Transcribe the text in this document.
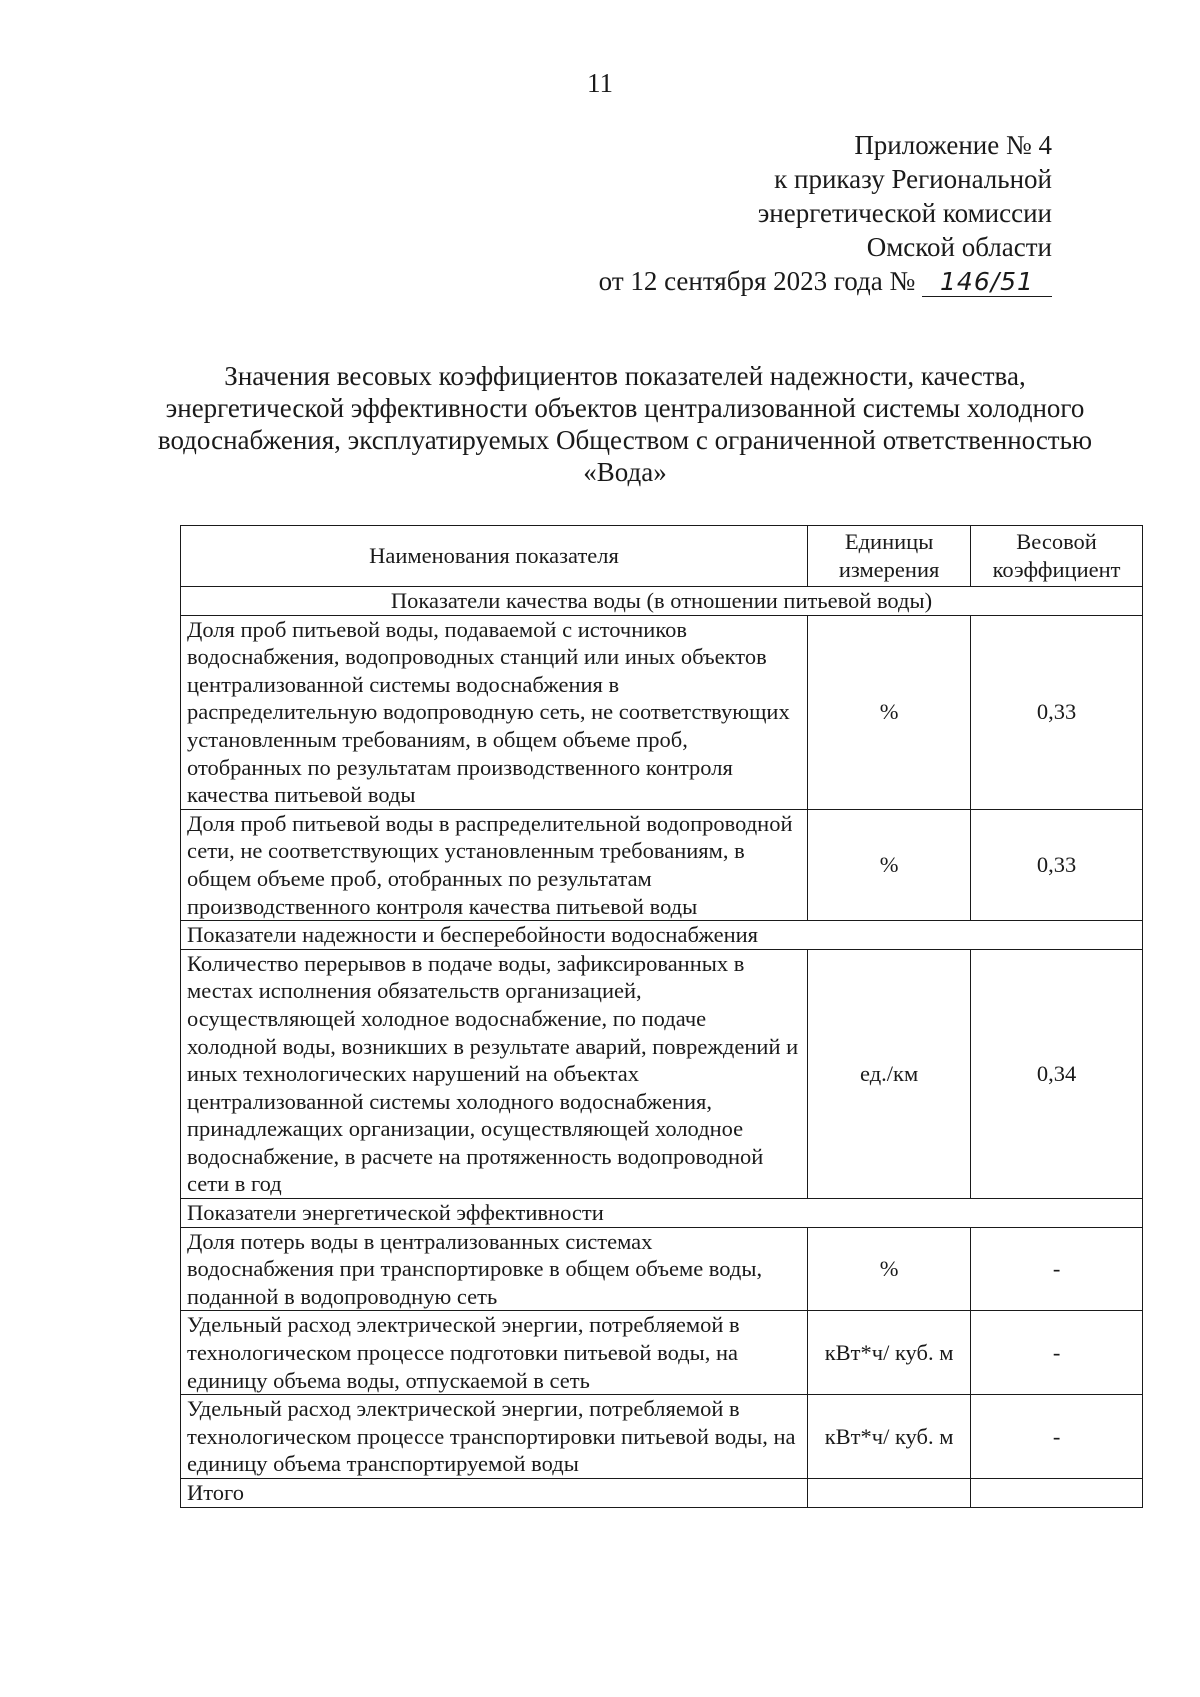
11
Приложение № 4
к приказу Региональной
энергетической комиссии
Омской области
от 12 сентября 2023 года № 146/51
Значения весовых коэффициентов показателей надежности, качества, энергетической эффективности объектов централизованной системы холодного водоснабжения, эксплуатируемых Обществом с ограниченной ответственностью «Вода»
Наименования показателя	Единицы измерения	Весовой коэффициент
Показатели качества воды (в отношении питьевой воды)		
Доля проб питьевой воды, подаваемой с источников водоснабжения, водопроводных станций или иных объектов централизованной системы водоснабжения в распределительную водопроводную сеть, не соответствующих установленным требованиям, в общем объеме проб, отобранных по результатам производственного контроля качества питьевой воды	%	0,33
Доля проб питьевой воды в распределительной водопроводной сети, не соответствующих установленным требованиям, в общем объеме проб, отобранных по результатам производственного контроля качества питьевой воды	%	0,33
Показатели надежности и бесперебойности водоснабжения		
Количество перерывов в подаче воды, зафиксированных в местах исполнения обязательств организацией, осуществляющей холодное водоснабжение, по подаче холодной воды, возникших в результате аварий, повреждений и иных технологических нарушений на объектах централизованной системы холодного водоснабжения, принадлежащих организации, осуществляющей холодное водоснабжение, в расчете на протяженность водопроводной сети в год	ед./км	0,34
Показатели энергетической эффективности		
Доля потерь воды в централизованных системах водоснабжения при транспортировке в общем объеме воды, поданной в водопроводную сеть	%	-
Удельный расход электрической энергии, потребляемой в технологическом процессе подготовки питьевой воды, на единицу объема воды, отпускаемой в сеть	кВт*ч/ куб. м	-
Удельный расход электрической энергии, потребляемой в технологическом процессе транспортировки питьевой воды, на единицу объема транспортируемой воды	кВт*ч/ куб. м	-
Итого		
